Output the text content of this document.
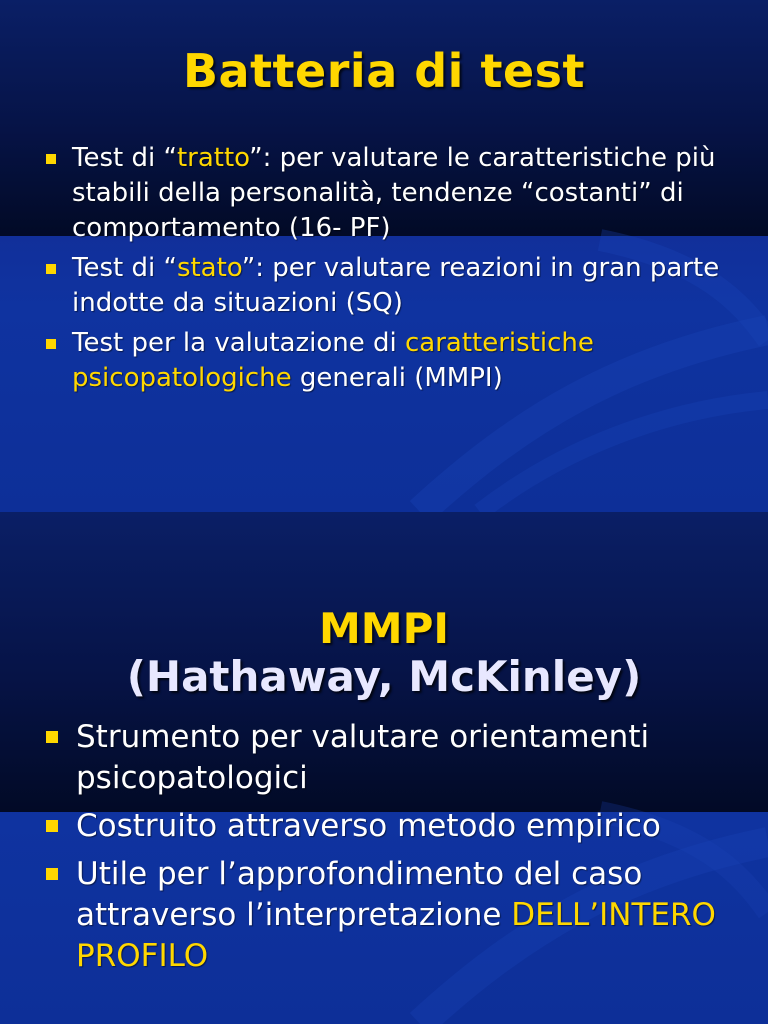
Batteria di test
Test di “tratto”: per valutare le caratteristiche più stabili della personalità, tendenze “costanti” di comportamento (16- PF)
Test di “stato”: per valutare reazioni in gran parte indotte da situazioni (SQ)
Test per la valutazione di caratteristiche psicopatologiche generali (MMPI)
MMPI
(Hathaway, McKinley)
Strumento per valutare orientamenti psicopatologici
Costruito attraverso metodo empirico
Utile per l’approfondimento del caso attraverso l’interpretazione DELL’INTERO PROFILO
